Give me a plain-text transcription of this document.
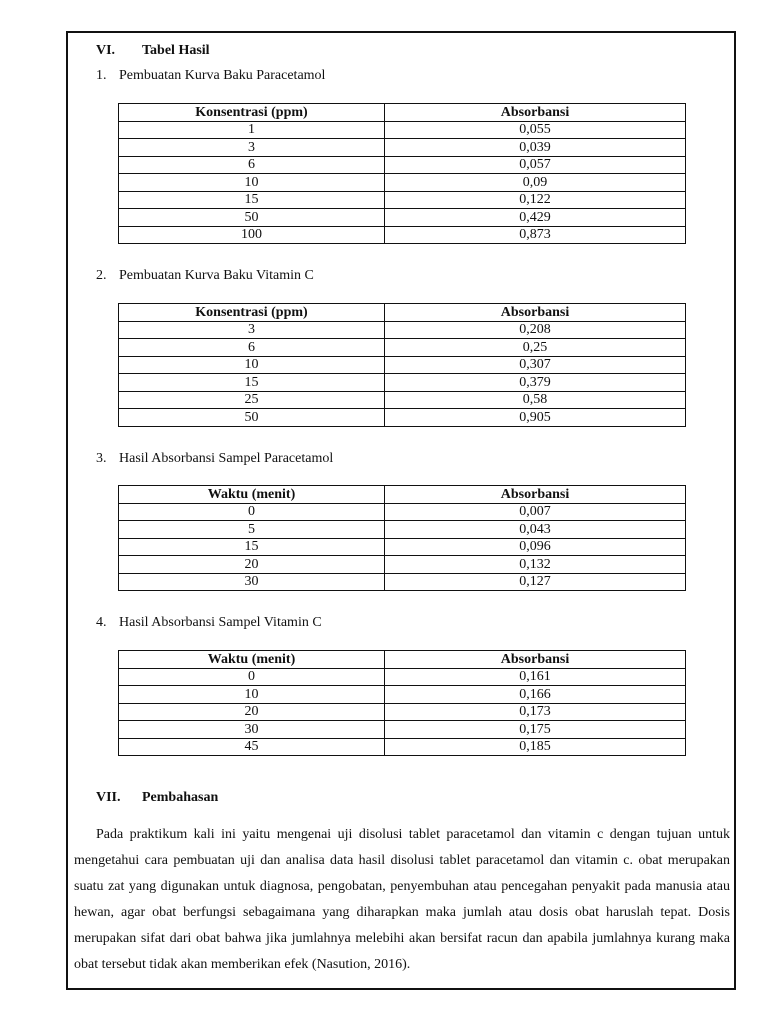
VI. Tabel Hasil
1. Pembuatan Kurva Baku Paracetamol
Konsentrasi (ppm)	Absorbansi
1	0,055
3	0,039
6	0,057
10	0,09
15	0,122
50	0,429
100	0,873
2. Pembuatan Kurva Baku Vitamin C
Konsentrasi (ppm)	Absorbansi
3	0,208
6	0,25
10	0,307
15	0,379
25	0,58
50	0,905
3. Hasil Absorbansi Sampel Paracetamol
Waktu (menit)	Absorbansi
0	0,007
5	0,043
15	0,096
20	0,132
30	0,127
4. Hasil Absorbansi Sampel Vitamin C
Waktu (menit)	Absorbansi
0	0,161
10	0,166
20	0,173
30	0,175
45	0,185
VII. Pembahasan

Pada praktikum kali ini yaitu mengenai uji disolusi tablet paracetamol dan vitamin c dengan tujuan untuk mengetahui cara pembuatan uji dan analisa data hasil disolusi tablet paracetamol dan vitamin c. obat merupakan suatu zat yang digunakan untuk diagnosa, pengobatan, penyembuhan atau pencegahan penyakit pada manusia atau hewan, agar obat berfungsi sebagaimana yang diharapkan maka jumlah atau dosis obat haruslah tepat. Dosis merupakan sifat dari obat bahwa jika jumlahnya melebihi akan bersifat racun dan apabila jumlahnya kurang maka obat tersebut tidak akan memberikan efek (Nasution, 2016).
